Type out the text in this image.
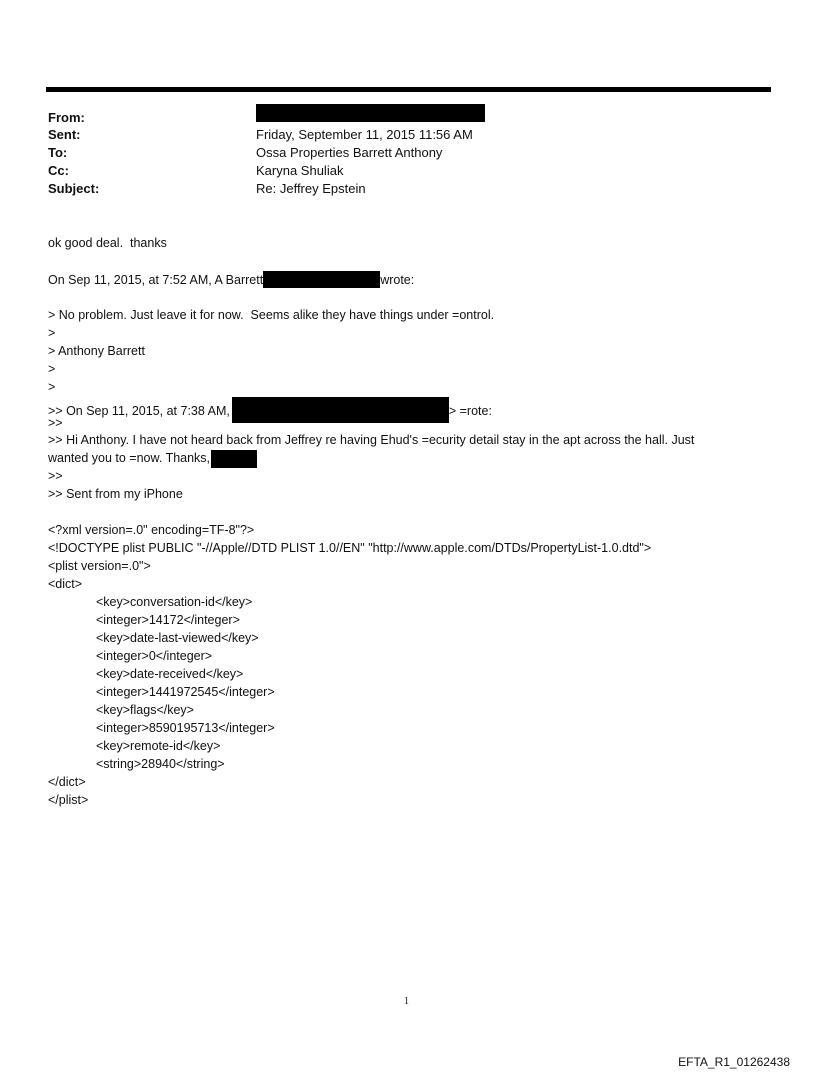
From:
Sent:	Friday, September 11, 2015 11:56 AM
To:	Ossa Properties Barrett Anthony
Cc:	Karyna Shuliak
Subject:	Re: Jeffrey Epstein
ok good deal.  thanks
On Sep 11, 2015, at 7:52 AM, A Barrett	wrote:
> No problem. Just leave it for now.  Seems alike they have things under =ontrol.
>
> Anthony Barrett
>
>
>> On Sep 11, 2015, at 7:38 AM,	> =rote:
>>
>> Hi Anthony. I have not heard back from Jeffrey re having Ehud's =ecurity detail stay in the apt across the hall. Just
wanted you to =now. Thanks,
>>
>> Sent from my iPhone
<?xml version=.0" encoding=TF-8"?>
<!DOCTYPE plist PUBLIC "-//Apple//DTD PLIST 1.0//EN" "http://www.apple.com/DTDs/PropertyList-1.0.dtd">
<plist version=.0">
<dict>
<key>conversation-id</key>
<integer>14172</integer>
<key>date-last-viewed</key>
<integer>0</integer>
<key>date-received</key>
<integer>1441972545</integer>
<key>flags</key>
<integer>8590195713</integer>
<key>remote-id</key>
<string>28940</string>
</dict>
</plist>
1
EFTA_R1_01262438
